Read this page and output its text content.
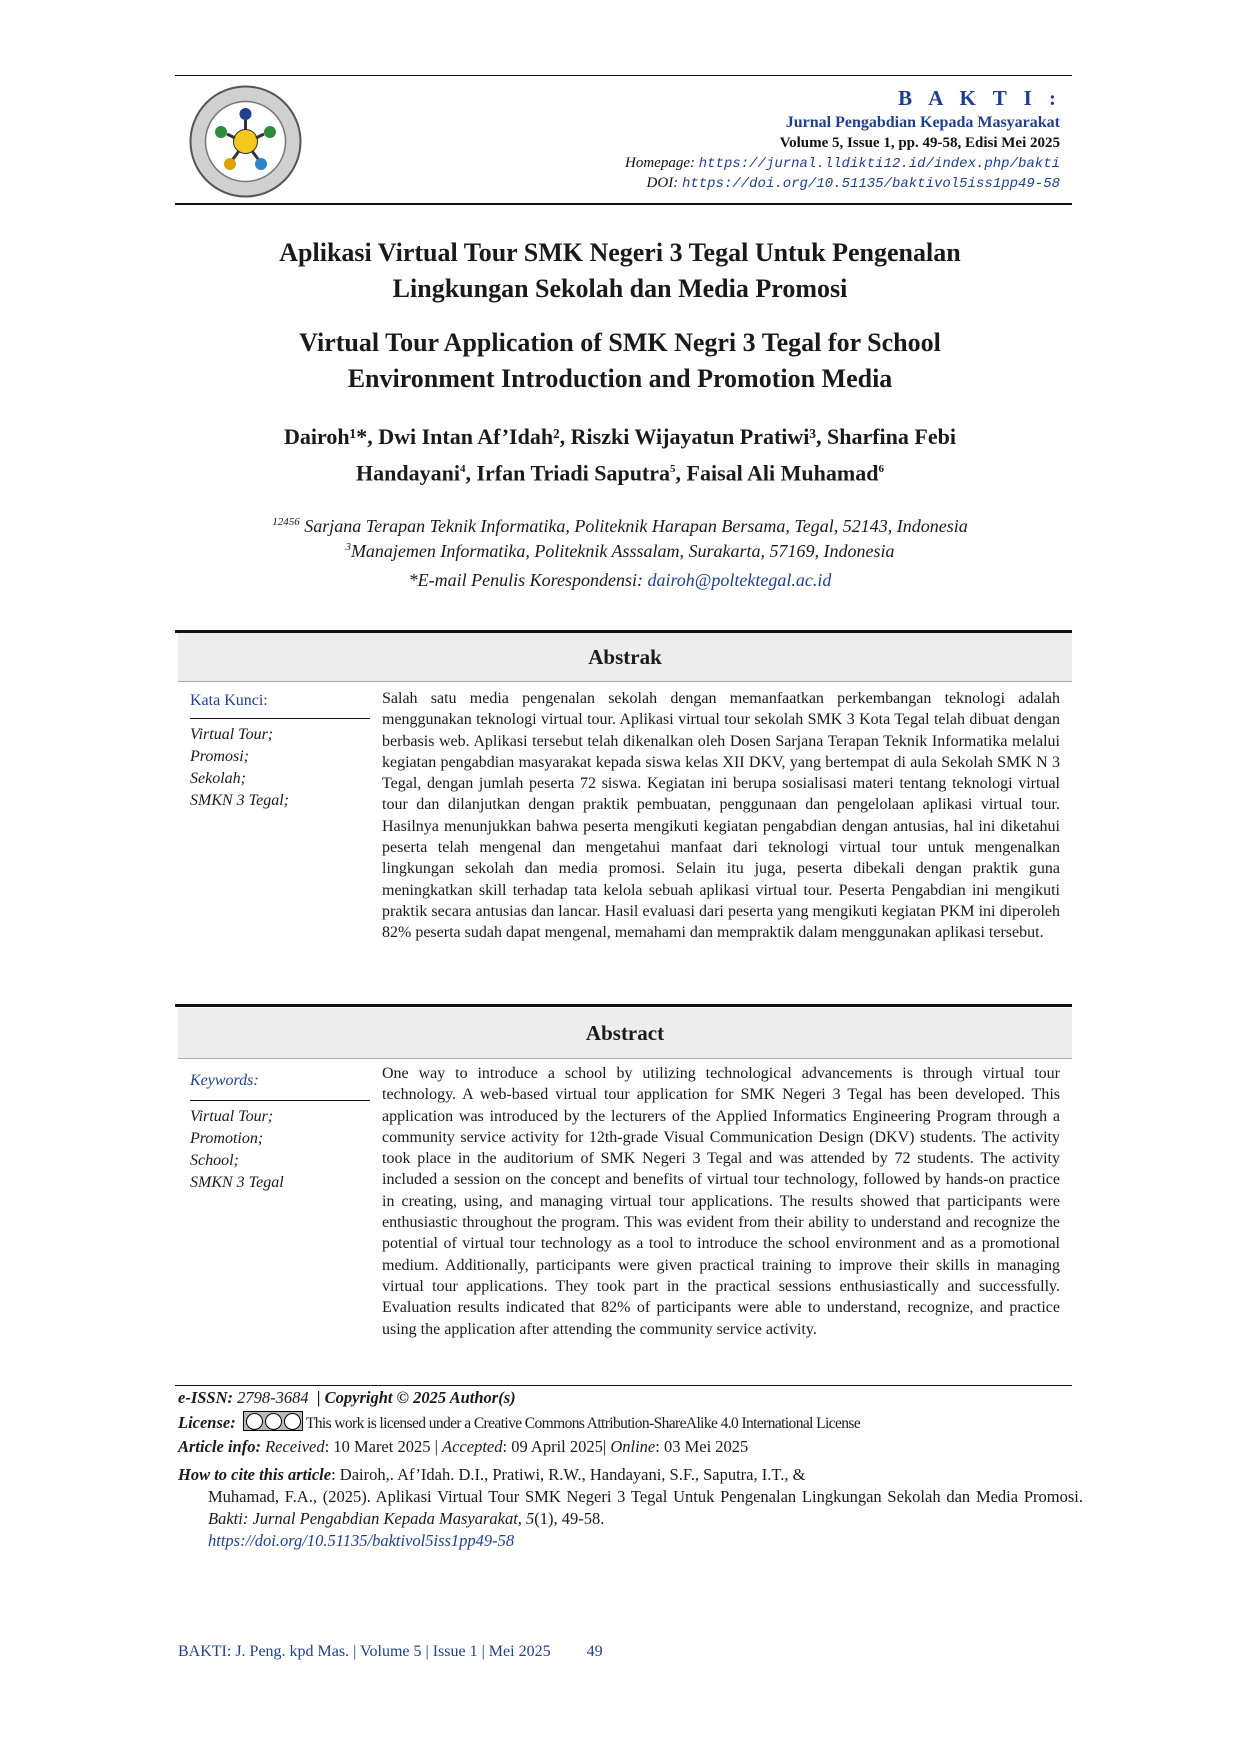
B A K T I :
Jurnal Pengabdian Kepada Masyarakat
Volume 5, Issue 1, pp. 49-58, Edisi Mei 2025
Homepage: https://jurnal.lldikti12.id/index.php/bakti
DOI: https://doi.org/10.51135/baktivol5iss1pp49-58
Aplikasi Virtual Tour SMK Negeri 3 Tegal Untuk Pengenalan
Lingkungan Sekolah dan Media Promosi
Virtual Tour Application of SMK Negri 3 Tegal for School
Environment Introduction and Promotion Media
Dairoh¹*, Dwi Intan Af’Idah², Riszki Wijayatun Pratiwi³, Sharfina Febi
Handayani$^4$, Irfan Triadi Saputra$^5$, Faisal Ali Muhamad$^6$
$^{12456}$ Sarjana Terapan Teknik Informatika, Politeknik Harapan Bersama, Tegal, 52143, Indonesia
$^3$Manajemen Informatika, Politeknik Asssalam, Surakarta, 57169, Indonesia
*E-mail Penulis Korespondensi: dairoh@poltektegal.ac.id
Abstrak
Kata Kunci:
Virtual Tour;
Promosi;
Sekolah;
SMKN 3 Tegal;
Salah satu media pengenalan sekolah dengan memanfaatkan perkembangan teknologi adalah menggunakan teknologi virtual tour. Aplikasi virtual tour sekolah SMK 3 Kota Tegal telah dibuat dengan berbasis web. Aplikasi tersebut telah dikenalkan oleh Dosen Sarjana Terapan Teknik Informatika melalui kegiatan pengabdian masyarakat kepada siswa kelas XII DKV, yang bertempat di aula Sekolah SMK N 3 Tegal, dengan jumlah peserta 72 siswa. Kegiatan ini berupa sosialisasi materi tentang teknologi virtual tour dan dilanjutkan dengan praktik pembuatan, penggunaan dan pengelolaan aplikasi virtual tour. Hasilnya menunjukkan bahwa peserta mengikuti kegiatan pengabdian dengan antusias, hal ini diketahui peserta telah mengenal dan mengetahui manfaat dari teknologi virtual tour untuk mengenalkan lingkungan sekolah dan media promosi. Selain itu juga, peserta dibekali dengan praktik guna meningkatkan skill terhadap tata kelola sebuah aplikasi virtual tour. Peserta Pengabdian ini mengikuti praktik secara antusias dan lancar. Hasil evaluasi dari peserta yang mengikuti kegiatan PKM ini diperoleh 82% peserta sudah dapat mengenal, memahami dan mempraktik dalam menggunakan aplikasi tersebut.
Abstract
Keywords:
Virtual Tour;
Promotion;
School;
SMKN 3 Tegal
One way to introduce a school by utilizing technological advancements is through virtual tour technology. A web-based virtual tour application for SMK Negeri 3 Tegal has been developed. This application was introduced by the lecturers of the Applied Informatics Engineering Program through a community service activity for 12th-grade Visual Communication Design (DKV) students. The activity took place in the auditorium of SMK Negeri 3 Tegal and was attended by 72 students. The activity included a session on the concept and benefits of virtual tour technology, followed by hands-on practice in creating, using, and managing virtual tour applications. The results showed that participants were enthusiastic throughout the program. This was evident from their ability to understand and recognize the potential of virtual tour technology as a tool to introduce the school environment and as a promotional medium. Additionally, participants were given practical training to improve their skills in managing virtual tour applications. They took part in the practical sessions enthusiastically and successfully. Evaluation results indicated that 82% of participants were able to understand, recognize, and practice using the application after attending the community service activity.
e-ISSN: 2798-3684 | Copyright © 2025 Author(s)
License:	This work is licensed under a Creative Commons Attribution-ShareAlike 4.0 International License
Article info: Received: 10 Maret 2025 | Accepted: 09 April 2025| Online: 03 Mei 2025
How to cite this article: Dairoh,. Af’Idah. D.I., Pratiwi, R.W., Handayani, S.F., Saputra, I.T., &
Muhamad, F.A., (2025). Aplikasi Virtual Tour SMK Negeri 3 Tegal Untuk Pengenalan Lingkungan Sekolah dan Media Promosi. Bakti: Jurnal Pengabdian Kepada Masyarakat, 5(1), 49-58.
https://doi.org/10.51135/baktivol5iss1pp49-58
BAKTI: J. Peng. kpd Mas. | Volume 5 | Issue 1 | Mei 2025 49
